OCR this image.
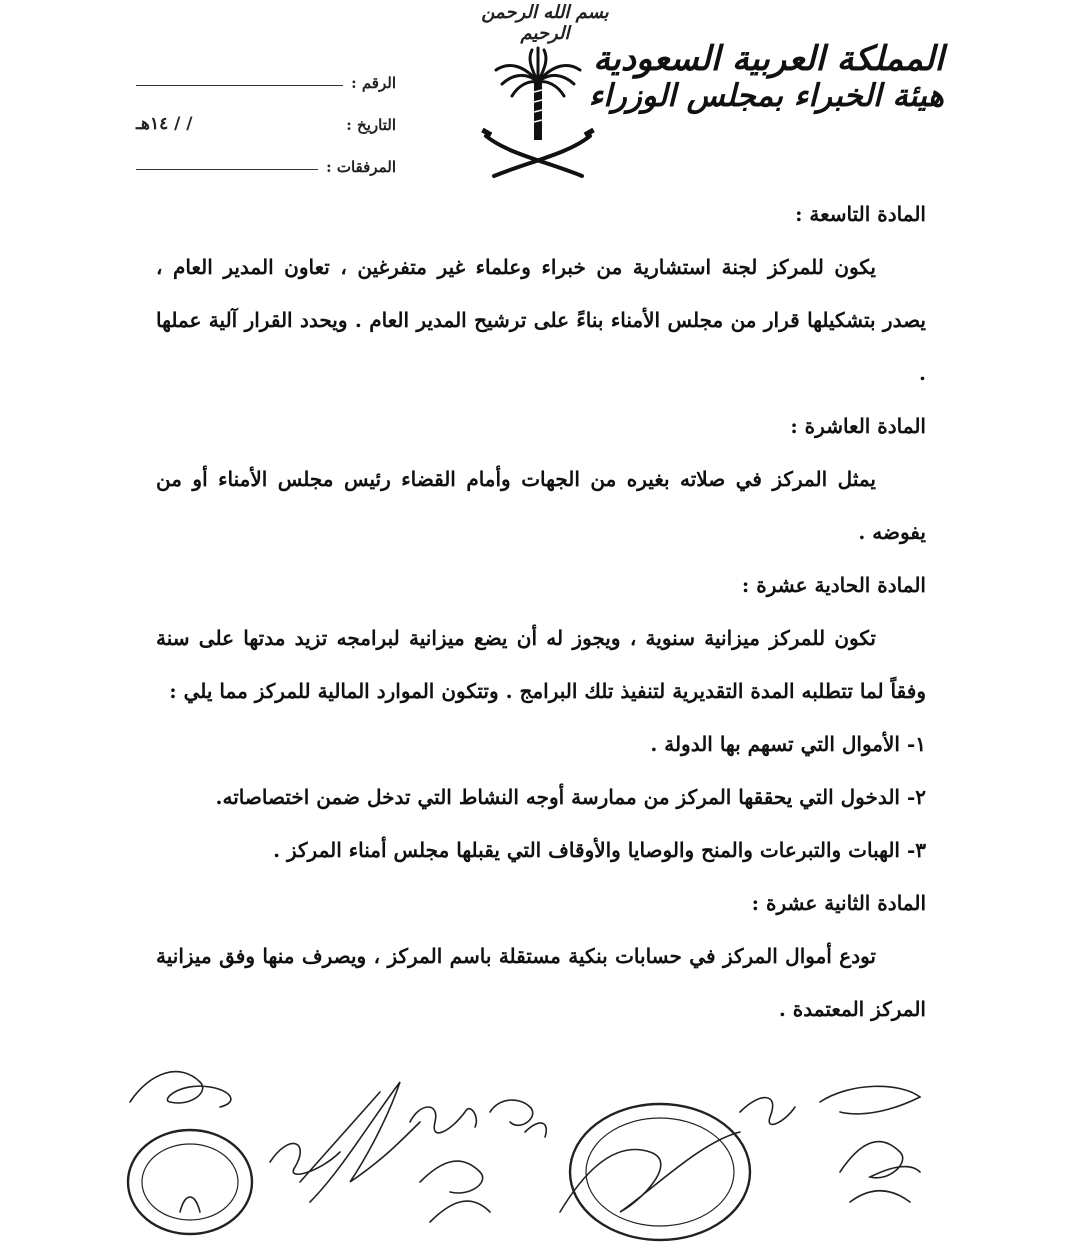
بسم الله الرحمن الرحيم
المملكة العربية السعودية
هيئة الخبراء بمجلس الوزراء
الرقم :
التاريخ :
/ / ١٤هـ
المرفقات :

المادة التاسعة :

يكون للمركز لجنة استشارية من خبراء وعلماء غير متفرغين ، تعاون المدير العام ، يصدر بتشكيلها قرار من مجلس الأمناء بناءً على ترشيح المدير العام . ويحدد القرار آلية عملها .

المادة العاشرة :

يمثل المركز في صلاته بغيره من الجهات وأمام القضاء رئيس مجلس الأمناء أو من يفوضه .

المادة الحادية عشرة :

تكون للمركز ميزانية سنوية ، ويجوز له أن يضع ميزانية لبرامجه تزيد مدتها على سنة وفقاً لما تتطلبه المدة التقديرية لتنفيذ تلك البرامج . وتتكون الموارد المالية للمركز مما يلي :

١- الأموال التي تسهم بها الدولة .

٢- الدخول التي يحققها المركز من ممارسة أوجه النشاط التي تدخل ضمن اختصاصاته.

٣- الهبات والتبرعات والمنح والوصايا والأوقاف التي يقبلها مجلس أمناء المركز .

المادة الثانية عشرة :

تودع أموال المركز في حسابات بنكية مستقلة باسم المركز ، ويصرف منها وفق ميزانية المركز المعتمدة .
